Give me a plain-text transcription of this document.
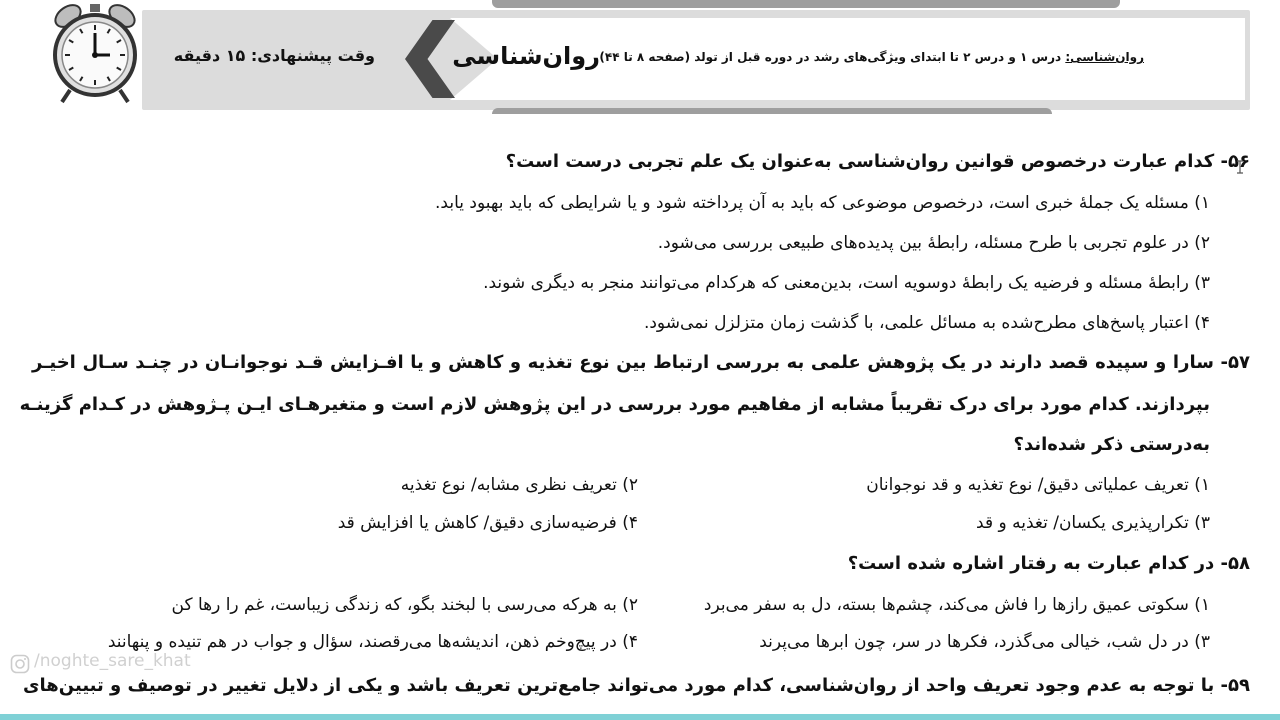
روان‌شناسی: درس ۱ و درس ۲ تا ابتدای ویژگی‌های رشد در دوره قبل از تولد (صفحه ۸ تا ۴۴)
روان‌شناسی
وقت پیشنهادی: ۱۵ دقیقه
۵۶- کدام عبارت درخصوص قوانین روان‌شناسی به‌عنوان یک علم تجربی درست است؟
۱) مسئله یک جملهٔ خبری است، درخصوص موضوعی که باید به آن پرداخته شود و یا شرایطی که باید بهبود یابد.
۲) در علوم تجربی با طرح مسئله، رابطهٔ بین پدیده‌های طبیعی بررسی می‌شود.
۳) رابطهٔ مسئله و فرضیه یک رابطهٔ دوسویه است، بدین‌معنی که هرکدام می‌توانند منجر به دیگری شوند.
۴) اعتبار پاسخ‌های مطرح‌شده به مسائل علمی، با گذشت زمان متزلزل نمی‌شود.
۵۷- سارا و سپیده قصد دارند در یک پژوهش علمی به بررسی ارتباط بین نوع تغذیه و کاهش و یا افـزایش قـد نوجوانـان در چنـد سـال اخیـر
بپردازند. کدام مورد برای درک تقریباً مشابه از مفاهیم مورد بررسی در این پژوهش لازم است و متغیرهـای ایـن پـژوهش در کـدام گزینـه
به‌درستی ذکر شده‌اند؟
۱) تعریف عملیاتی دقیق/ نوع تغذیه و قد نوجوانان
۲) تعریف نظری مشابه/ نوع تغذیه
۳) تکرارپذیری یکسان/ تغذیه و قد
۴) فرضیه‌سازی دقیق/ کاهش یا افزایش قد
۵۸- در کدام عبارت به رفتار اشاره شده است؟
۱) سکوتی عمیق رازها را فاش می‌کند، چشم‌ها بسته، دل به سفر می‌برد
۲) به هرکه می‌رسی با لبخند بگو، که زندگی زیباست، غم را رها کن
۳) در دل شب، خیالی می‌گذرد، فکرها در سر، چون ابرها می‌پرند
۴) در پیچ‌وخم ذهن، اندیشه‌ها می‌رقصند، سؤال و جواب در هم تنیده و پنهانند
۵۹- با توجه به عدم وجود تعریف واحد از روان‌شناسی، کدام مورد می‌تواند جامع‌ترین تعریف باشد و یکی از دلایل تغییر در توصیف و تبیین‌های
/noghte_sare_khat
